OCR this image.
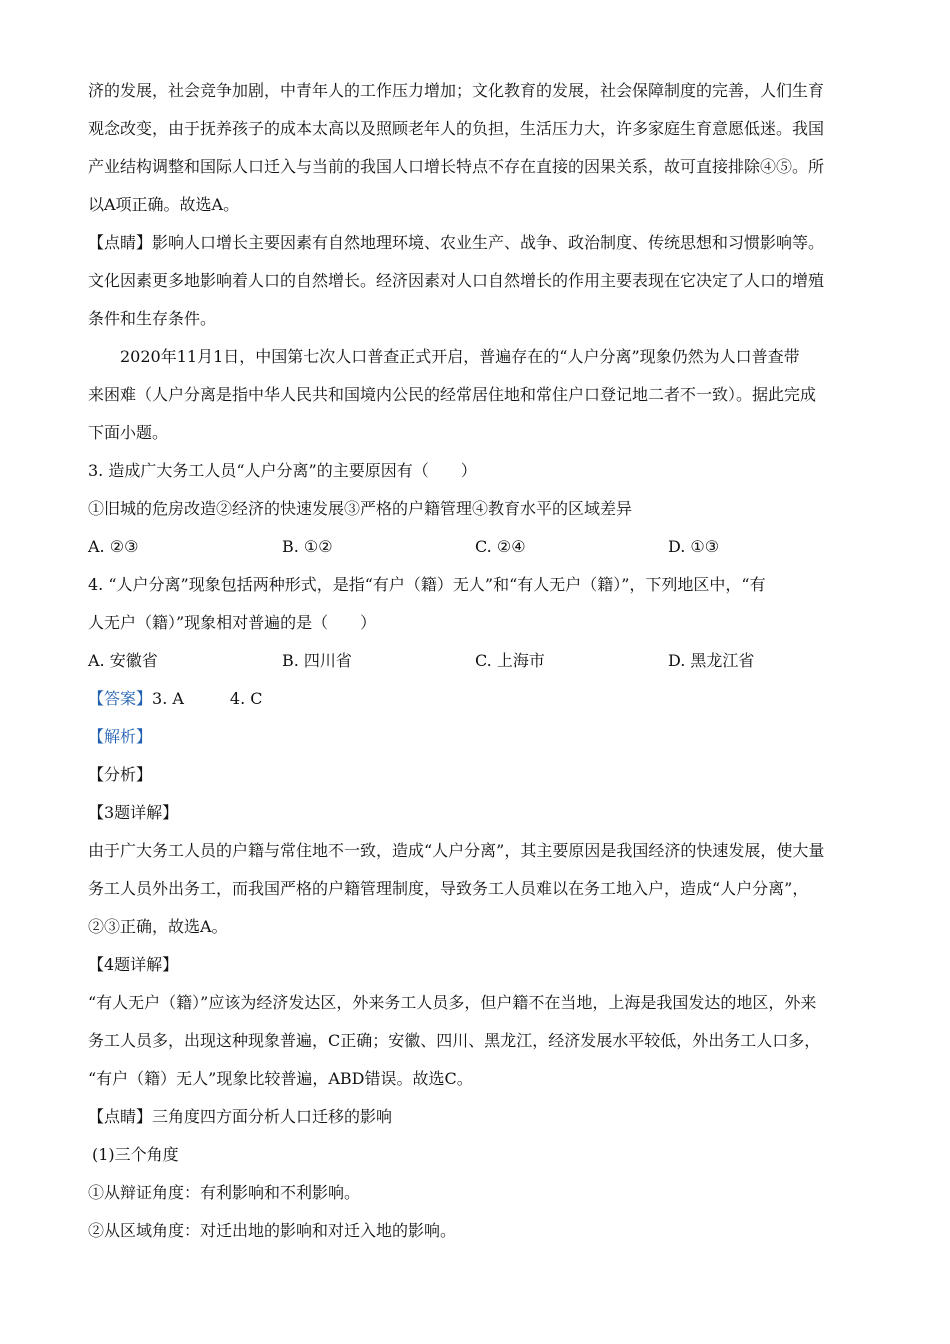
济的发展，社会竞争加剧，中青年人的工作压力增加；文化教育的发展，社会保障制度的完善，人们生育
观念改变，由于抚养孩子的成本太高以及照顾老年人的负担，生活压力大，许多家庭生育意愿低迷。我国
产业结构调整和国际人口迁入与当前的我国人口增长特点不存在直接的因果关系，故可直接排除④⑤。所
以A项正确。故选A。
【点睛】影响人口增长主要因素有自然地理环境、农业生产、战争、政治制度、传统思想和习惯影响等。
文化因素更多地影响着人口的自然增长。经济因素对人口自然增长的作用主要表现在它决定了人口的增殖
条件和生存条件。
2020年11月1日，中国第七次人口普查正式开启，普遍存在的“人户分离”现象仍然为人口普查带
来困难（人户分离是指中华人民共和国境内公民的经常居住地和常住户口登记地二者不一致）。据此完成
下面小题。
3. 造成广大务工人员“人户分离”的主要原因有（　　）
①旧城的危房改造②经济的快速发展③严格的户籍管理④教育水平的区域差异
A. ②③	B. ①②	C. ②④	D. ①③
4. “人户分离”现象包括两种形式，是指“有户（籍）无人”和“有人无户（籍）”，下列地区中，“有
人无户（籍）”现象相对普遍的是（　　）
A. 安徽省	B. 四川省	C. 上海市	D. 黑龙江省
【答案】3. A	4. C
【解析】
【分析】
【3题详解】
由于广大务工人员的户籍与常住地不一致，造成“人户分离”，其主要原因是我国经济的快速发展，使大量
务工人员外出务工，而我国严格的户籍管理制度，导致务工人员难以在务工地入户，造成“人户分离”，
②③正确，故选A。
【4题详解】
“有人无户（籍）”应该为经济发达区，外来务工人员多，但户籍不在当地，上海是我国发达的地区，外来
务工人员多，出现这种现象普遍，C正确；安徽、四川、黑龙江，经济发展水平较低，外出务工人口多，
“有户（籍）无人”现象比较普遍，ABD错误。故选C。
【点睛】三角度四方面分析人口迁移的影响
(1)三个角度
①从辩证角度：有利影响和不利影响。
②从区域角度：对迁出地的影响和对迁入地的影响。
